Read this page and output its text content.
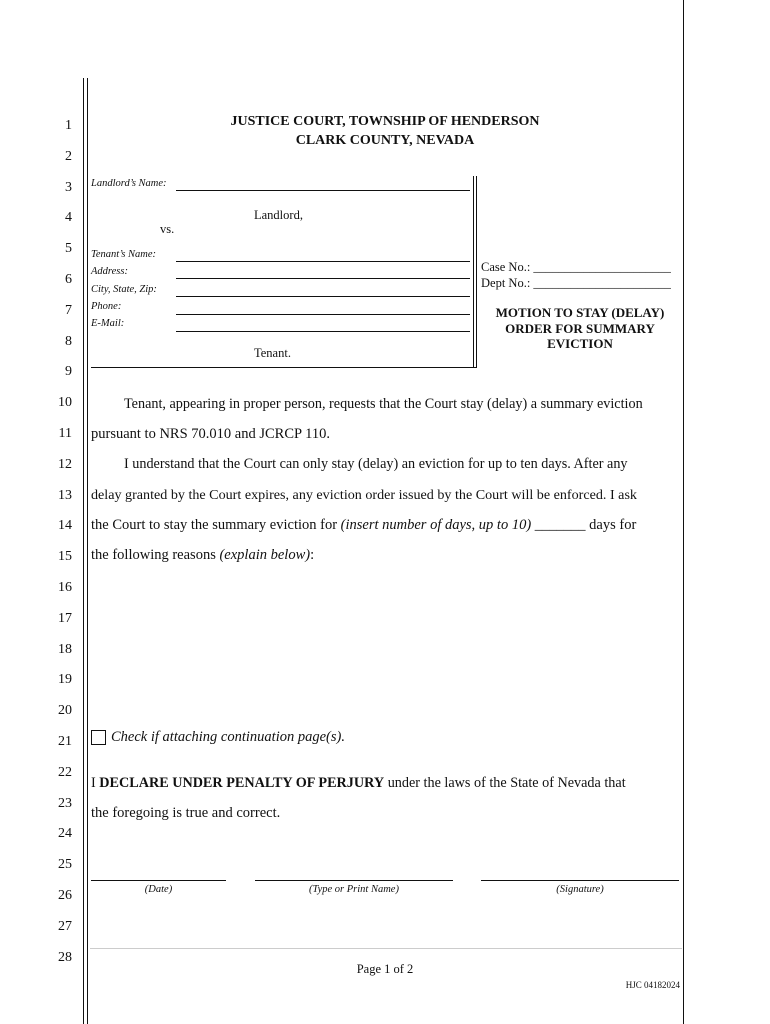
1
2
3
4
5
6
7
8
9
10
11
12
13
14
15
16
17
18
19
20
21
22
23
24
25
26
27
28
JUSTICE COURT, TOWNSHIP OF HENDERSON
CLARK COUNTY, NEVADA
Landlord’s Name:
Landlord,
vs.
Tenant’s Name:
Address:
City, State, Zip:
Phone:
E-Mail:
Tenant.
Case No.: ______________________
Dept No.: ______________________
MOTION TO STAY (DELAY)
ORDER FOR SUMMARY
EVICTION
Tenant, appearing in proper person, requests that the Court stay (delay) a summary eviction
pursuant to NRS 70.010 and JCRCP 110.
I understand that the Court can only stay (delay) an eviction for up to ten days. After any
delay granted by the Court expires, any eviction order issued by the Court will be enforced. I ask
the Court to stay the summary eviction for (insert number of days, up to 10) _______ days for
the following reasons (explain below):
Check if attaching continuation page(s).
I DECLARE UNDER PENALTY OF PERJURY under the laws of the State of Nevada that
the foregoing is true and correct.
(Date)	(Type or Print Name)	(Signature)
Page 1 of 2
HJC 04182024
